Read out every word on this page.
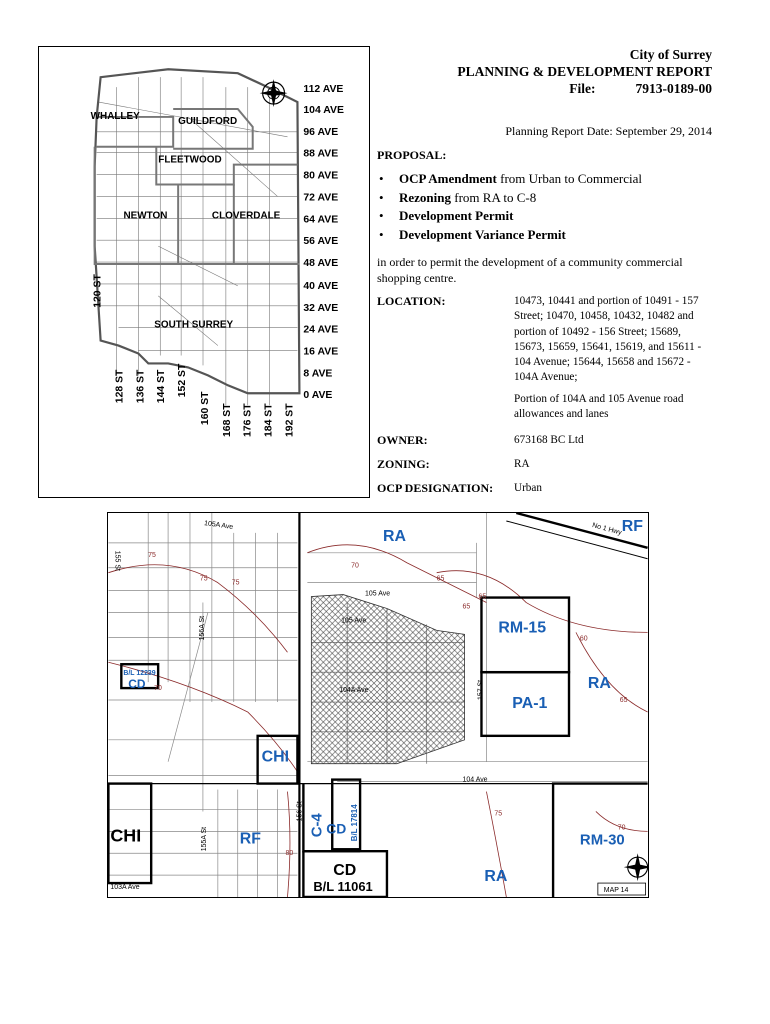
112 AVE
104 AVE
96 AVE
88 AVE
80 AVE
72 AVE
64 AVE
56 AVE
48 AVE
40 AVE
32 AVE
24 AVE
16 AVE
8 AVE
0 AVE
120 ST
128 ST 136 ST 144 ST 152 ST
160 ST 168 ST 176 ST 184 ST 192 ST
WHALLEY	GUILDFORD
FLEETWOOD
NEWTON	CLOVERDALE
SOUTH SURREY
City of Surrey
PLANNING & DEVELOPMENT REPORT
File:	7913-0189-00
Planning Report Date: September 29, 2014
PROPOSAL:
• OCP Amendment from Urban to Commercial
• Rezoning from RA to C-8
• Development Permit
• Development Variance Permit
in order to permit the development of a community commercial shopping centre.
LOCATION:	10473, 10441 and portion of 10491 - 157 Street; 10470, 10458, 10432, 10482 and portion of 10492 - 156 Street; 15689, 15673, 15659, 15641, 15619, and 15611 - 104 Avenue; 15644, 15658 and 15672 - 104A Avenue;

Portion of 104A and 105 Avenue road allowances and lanes

OWNER:	673168 BC Ltd
ZONING:	RA
OCP DESIGNATION: Urban
RA
RF
RM-15
RA
PA-1
CHI
CHI	RF
C-4 CD
CD
RM-30
RA
CD
B/L 12239
B/L 17814
B/L 11061
105A Ave
105 Ave
105 Ave
104A Ave
104 Ave
155 St
156A St
157 St
155A St
156 St
103A Ave
No 1 Hwy
75
75
75
70
65
65
65
60
65
70
70
75
80
MAP 14
